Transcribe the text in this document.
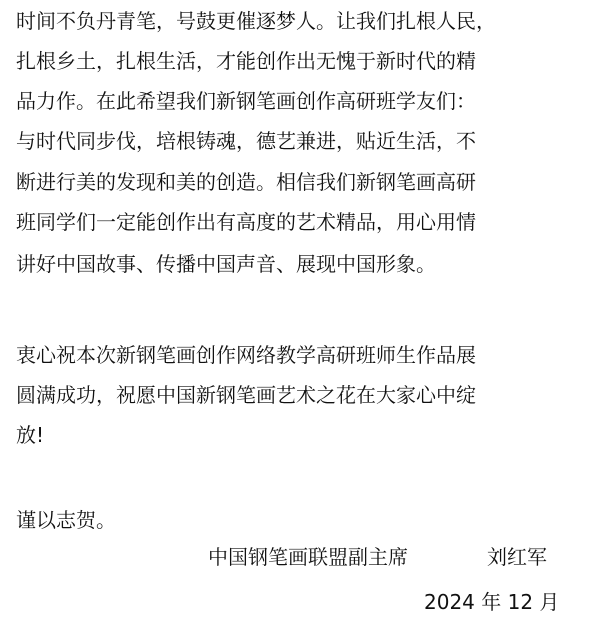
时间不负丹青笔，号鼓更催逐梦人。让我们扎根人民，
扎根乡土，扎根生活，才能创作出无愧于新时代的精
品力作。在此希望我们新钢笔画创作高研班学友们：
与时代同步伐，培根铸魂，德艺兼进，贴近生活，不
断进行美的发现和美的创造。相信我们新钢笔画高研
班同学们一定能创作出有高度的艺术精品，用心用情
讲好中国故事、传播中国声音、展现中国形象。
衷心祝本次新钢笔画创作网络教学高研班师生作品展
圆满成功，祝愿中国新钢笔画艺术之花在大家心中绽
放!
谨以志贺。
中国钢笔画联盟副主席	刘红军
2024 年 12 月
